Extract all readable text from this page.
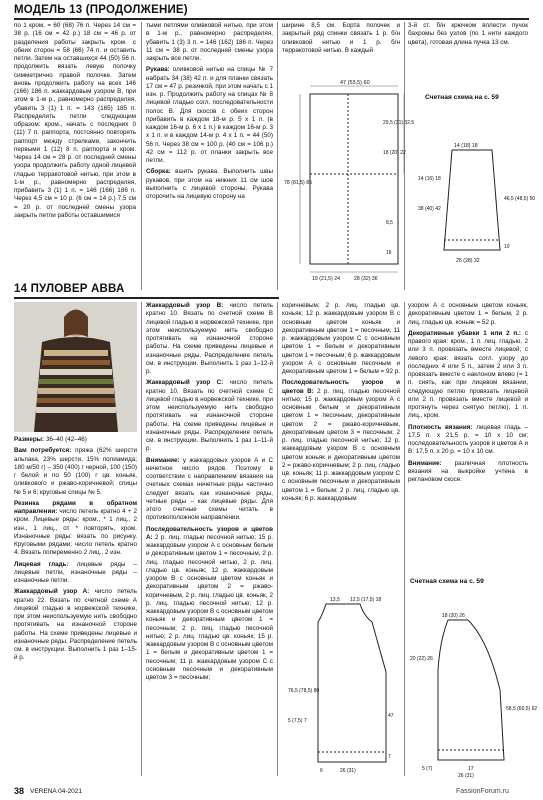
МОДЕЛЬ 13 (ПРОДОЛЖЕНИЕ)

по 1 кром. = 60 (68) 76 п. Через 14 см = 38 р. (16 см = 42 р.) 18 см = 46 р. от разделения работы закрыть кром. с обеих сторон = 58 (66) 74 п. и оставить петли. Затем на оставшихся 44 (50) 56 п. продолжить вязать левую полочку симметрично правой полочке. Затем вновь продолжить работу на всех 146 (166) 186 п. жаккардовым узором В, при этом в 1-м р., равномерно распределяя, убавить 3 (1) 1 п. = 143 (165) 185 п. Распределить петли следующим образом: кром., начать с последних 0 (11) 7 п. раппорта, постоянно повторять раппорт между стрелками, закончить первыми 1 (12) 8 п. раппорта и кром. Через 14 см = 28 р. от последней смены узора продолжить работу одной лицевой гладью терракотовой нитью, при этом в 1-м р., равномерно распределяя, прибавить 3 (1) 1 п. = 146 (166) 186 п. Через 4,5 см = 10 р. (6 см = 14 р.) 7,5 см = 20 р. от последней смены узора закрыть петли работы оставшимися

тыми петлями оливковой нитью, при этом в 1-м р., равномерно распределяя, убавить 1 (3) 3 п. = 146 (162) 186 п. Через 11 см = 38 р. от последней смены узора закрыть все петли.

Рукава: оливковой нитью на спицы № 7 набрать 34 (38) 42 п. и для планки связать 17 см = 47 р. резинкой, при этом начать с 1 изн. р. Продолжить работу на спицах № 8 лицевой гладью согл. последовательности полос В. Для скосов с обеих сторон прибавить в каждом 18-м р. 5 х 1 п. (в каждом 16-м р. 6 х 1 п.) в каждом 16-м р. 3 х 1 п. и в каждом 14-м р. 4 х 1 п. = 44 (50) 56 п. Через 38 см = 100 р. (40 см = 106 р.) 42 см = 112 р. от планки закрыть все петли.

Сборка: вшить рукава. Выполнить швы рукавов, при этом на нижних 11 см шов выполнить с лицевой стороны. Рукава оторочить на лицевую сторону на

ширине 8,5 см. Борта полочек и закрытый ряд спинки связать 1 р. б/н оливковой нитью и 1 р. б/н терракотовой нитью. В каждый

3-й ст. б/н крючком вплести пучок бахромы без узлов (по 1 нити каждого цвета), готовая длина пучка 13 см.

Счетная схема на с. 59
47 (53,5) 60
78 (81,5) 85
29,5 (31) 32,5
18 (20) 22
8,5
16
19 (21,5) 24	28 (32) 36
14 (18) 18
14 (16) 18
46,5 (48,5) 50
38 (40) 42
10
25 (28) 32
14 ПУЛОВЕР АВВА

Размеры: 36–40 (42–46)

Вам потребуется: пряжа (62% шерсти альпака, 23% шерсти, 15% полиамида; 180 м/50 г) – 350 (400) г черной, 100 (150) г белой и по 50 (100) г цв. коньяк, оливкового и ржаво-коричневой; спицы № 5 и 6; круговые спицы № 5.

Резинка рядами в обратном направлении: число петель кратно 4 + 2 кром. Лицевые ряды: кром., * 1 лиц., 2 изн., 1 лиц., от * повторять, кром. Изнаночные ряды: вязать по рисунку. Круговыми рядами: число петель кратно 4. Вязать попеременно 2 лиц., 2 изн.

Лицевая гладь: лицевые ряды – лицевые петли, изнаночные ряды – изнаночные петли.

Жаккардовый узор А: число петель кратно 22. Вязать по счетной схеме А лицевой гладью в норвежской технике, при этом неиспользуемую нить свободно протягивать на изнаночной стороне работы. На схеме приведены лицевые и изнаночные ряды. Распределение петель см. в инструкции. Выполнить 1 раз 1–15-й р.

Жаккардовый узор В: число петель кратно 10. Вязать по счетной схеме В лицевой гладью в норвежской технике, при этом неиспользуемую нить свободно протягивать на изнаночной стороне работы. На схеме приведены лицевые и изнаночные ряды. Распределение петель см. в инструкции. Выполнить 1 раз 1–12-й р.

Жаккардовый узор С: число петель кратно 10. Вязать по счетной схеме С лицевой гладью в норвежской технике, при этом неиспользуемую нить свободно протягивать на изнаночной стороне работы. На схеме приведены лицевые и изнаночные ряды. Распределение петель см. в инструкции. Выполнить 1 раз 1–11-й р.

Внимание: у жаккардовых узоров А и С нечетное число рядов. Поэтому в соответствии с направлением вязания на счетных схемах нечетные ряды частично следует вязать как изнаночные ряды, четные ряды – как лицевые ряды. Для этого счетные схемы читать в противоположном направлении.

Последовательность узоров и цветов А: 2 р. лиц. гладью песочной нитью; 15 р. жаккардовым узором А с основным белым и декоративным цветом 1 = песочным, 2 р. лиц. гладью песочной нитью, 2 р. лиц. гладью цв. коньяк; 12 р. жаккардовым узором В с основным цветом коньяк и декоративным цветом 2 = ржаво-коричневым, 2 р. лиц. гладью цв. коньяк, 2 р. лиц. гладью песочной нитью; 12 р. жаккардовым узором В с основным цветом коньяк и декоративным цветом 1 = песочным; 2 р. лиц. гладью песочной нитью; 2 р. лиц. гладью цв. коньяк; 15 р. жаккардовым узором В с основным цветом 1 = белым и декоративным цветом 1 = песочным; 11 р. жаккардовым узором С с основным песочным и декоративным цветом 3 = песочным;

коричневым; 2 р. лиц. гладью цв. коньяк; 12 р. жаккардовым узором В с основным цветом коньяк и декоративным цветом 1 = песочным, 11 р. жаккардовым узором С с основным цветом 1 = белым и декоративным цветом 1 = песочным; 6 р. жаккардовым узором А с основным песочным и декоративным цветом 1 = белым = 92 р.

Последовательность узоров и цветов В: 2 р. лиц. гладью песочной нитью; 15 р. жаккардовым узором А с основным белым и декоративным цветом 1 = песочным, декоративным цветом 2 = ржаво-коричневым, декоративным цветом 3 = песочным; 2 р. лиц. гладью песочной нитью; 12 р. жаккардовым узором В с основным цветом коньяк и декоративным цветом 2 = ржаво-коричневым; 2 р. лиц. гладью цв. коньяк; 11 р. жаккардовым узором С с основным песочным и декоративным цветом 1 = белым; 2 р. лиц. гладью цв. коньяк; 6 р. жаккардовым

узором А с основным цветом коньяк, декоративным цветом 1 = белым, 2 р. лиц. гладью цв. коньяк = 52 р.

Декоративные убавки 1 или 2 п.: с правого края: кром., 1 п. лиц. гладью, 2 или 3 п. провязать вместе лицевой; с левого края: вязать согл. узору до последних 4 или 5 п., затем 2 или 3 п. провязать вместе с наклоном влево (= 1 п. снять, как при лицевом вязании, следующую петлю провязать лицевой или 2 п. провязать вместе лицевой и протянуть через снятую петлю), 1 п. лиц., кром.

Плотность вязания: лицевая гладь – 17,5 п. х 21,5 р. = 10 х 10 см; последовательность узоров и цветов А и В: 17,5 п. х 20 р. = 10 х 10 см.

Внимание: различная плотность вязания на выкройке учтена в реглановом скосе.

Счетная схема на с. 59
13,5 12,5 (17,5) 18
76,5 (78,5) 80
5 (7,5) 7
47
7
26 (31)
6
18 (20) 26
20 (22) 26
58,5 (60,5) 62
5 (7)	17
26 (31)
38 VERENA 04-2021	FassionForum.ru
